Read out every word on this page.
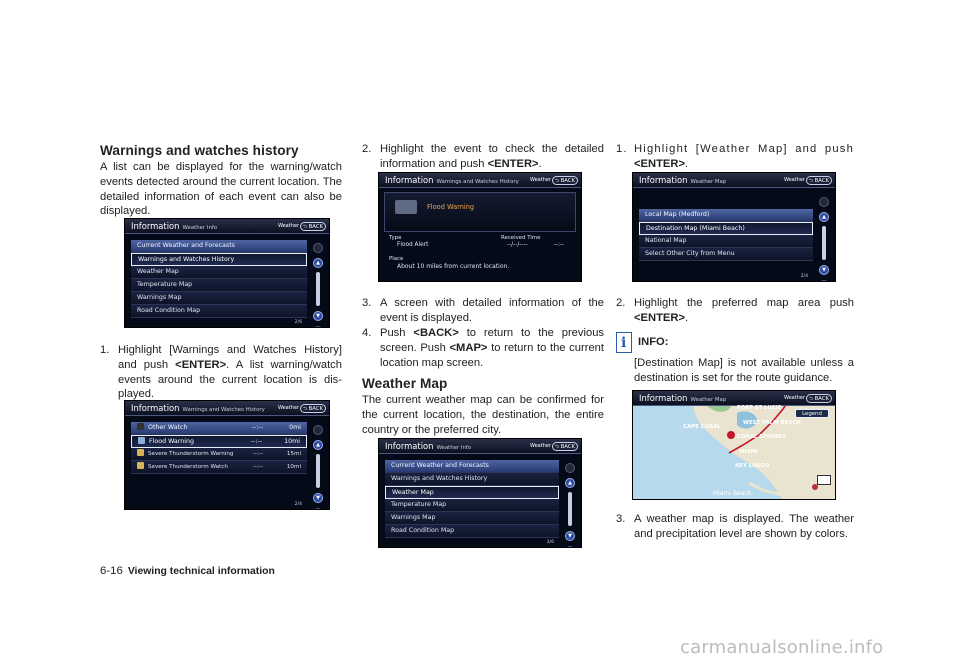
Warnings and watches history

A list can be displayed for the warning/watch events detected around the current location. The detailed information of each event can also be displayed.

Information Weather Info	Weather	⮌ BACK
Current Weather and Forecasts
Warnings and Watches History
Weather Map
Temperature Map
Warnings Map
Road Condition Map
▲
▼
2/6
1. Highlight [Warnings and Watches History] and push <ENTER>. A list warning/watch events around the current location is dis-played.
Information Warnings and Watches History	Weather	⮌ BACK
Other Watch	--:--	0mi
Flood Warning	--:--	10mi
Severe Thunderstorm Warning	--:--	15mi
Severe Thunderstorm Watch	--:--	10mi
▲
▼
2/4
2. Highlight the event to check the detailed information and push <ENTER>.
Information Warnings and Watches History Weather	⮌ BACK
Flood Warning
Type
Flood Alert
Received Time
--/--/----	--:--
Place
About 10 miles from current location.
3. A screen with detailed information of the event is displayed.
4. Push <BACK> to return to the previous screen. Push <MAP> to return to the current location map screen.
Weather Map

The current weather map can be confirmed for the current location, the destination, the entire country or the preferred city.

Information Weather Info	Weather	⮌ BACK
Current Weather and Forecasts
Warnings and Watches History
Weather Map
Temperature Map
Warnings Map
Road Condition Map
▲
▼
3/6
1. Highlight [Weather Map] and push <ENTER>.
Information Weather Map	Weather	⮌ BACK
Local Map (Medford)
Destination Map (Miami Beach)
National Map
Select Other City from Menu
▲
▼
2/4
2. Highlight the preferred map area push <ENTER>.
iINFO:

[Destination Map] is not available unless a destination is set for the route guidance.

Information Weather Map	Weather	⮌ BACK
Legend
FORT ST LUCIE
WEST PALM BEACH
CAPE CORAL
CORAL SPRINGS
MIAMI
KEY LARGO
Miami Beach
3. A weather map is displayed. The weather and precipitation level are shown by colors.
6-16 Viewing technical information
carmanualsonline.info
